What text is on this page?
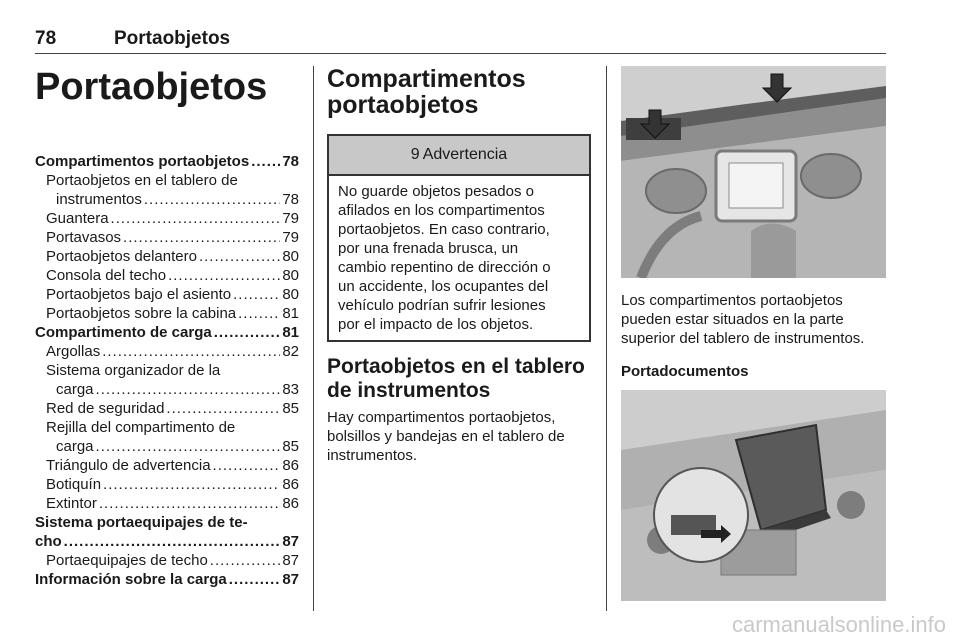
78	Portaobjetos
Portaobjetos
Compartimentos portaobjetos ..... 78
Portaobjetos en el tablero de
instrumentos .....	78
Guantera .....	79
Portavasos .....	79
Portaobjetos delantero .....	80
Consola del techo .....	80
Portaobjetos bajo el asiento .....	80
Portaobjetos sobre la cabina .....	81
Compartimento de carga .....	81
Argollas .....	82
Sistema organizador de la
carga .....	83
Red de seguridad .....	85
Rejilla del compartimento de
carga .....	85
Triángulo de advertencia .....	86
Botiquín .....	86
Extintor .....	86
Sistema portaequipajes de te-
cho .....	87
Portaequipajes de techo .....	87
Información sobre la carga .....	87
Compartimentos
portaobjetos
9 Advertencia
No guarde objetos pesados o
afilados en los compartimentos
portaobjetos. En caso contrario,
por una frenada brusca, un
cambio repentino de dirección o
un accidente, los ocupantes del
vehículo podrían sufrir lesiones
por el impacto de los objetos.
Portaobjetos en el tablero
de instrumentos
Hay compartimentos portaobjetos,
bolsillos y bandejas en el tablero de
instrumentos.
Los compartimentos portaobjetos
pueden estar situados en la parte
superior del tablero de instrumentos.
Portadocumentos
carmanualsonline.info
